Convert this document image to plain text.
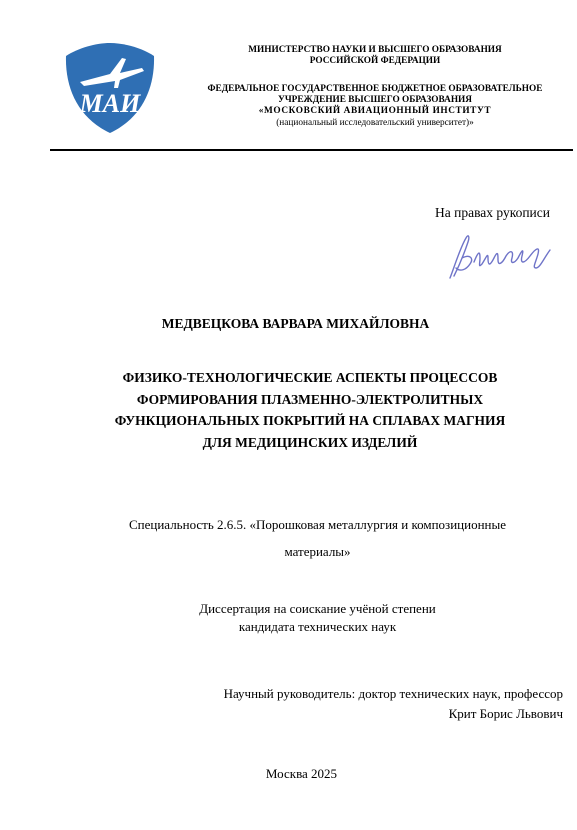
МАИ
МИНИСТЕРСТВО НАУКИ И ВЫСШЕГО ОБРАЗОВАНИЯ
РОССИЙСКОЙ ФЕДЕРАЦИИ
ФЕДЕРАЛЬНОЕ ГОСУДАРСТВЕННОЕ БЮДЖЕТНОЕ ОБРАЗОВАТЕЛЬНОЕ
УЧРЕЖДЕНИЕ ВЫСШЕГО ОБРАЗОВАНИЯ
«МОСКОВСКИЙ АВИАЦИОННЫЙ ИНСТИТУТ
(национальный исследовательский университет)»
На правах рукописи
МЕДВЕЦКОВА ВАРВАРА МИХАЙЛОВНА
ФИЗИКО-ТЕХНОЛОГИЧЕСКИЕ АСПЕКТЫ ПРОЦЕССОВ
ФОРМИРОВАНИЯ ПЛАЗМЕННО-ЭЛЕКТРОЛИТНЫХ
ФУНКЦИОНАЛЬНЫХ ПОКРЫТИЙ НА СПЛАВАХ МАГНИЯ
ДЛЯ МЕДИЦИНСКИХ ИЗДЕЛИЙ
Специальность 2.6.5. «Порошковая металлургия и композиционные
материалы»
Диссертация на соискание учёной степени
кандидата технических наук
Научный руководитель: доктор технических наук, профессор
Крит Борис Львович
Москва 2025
